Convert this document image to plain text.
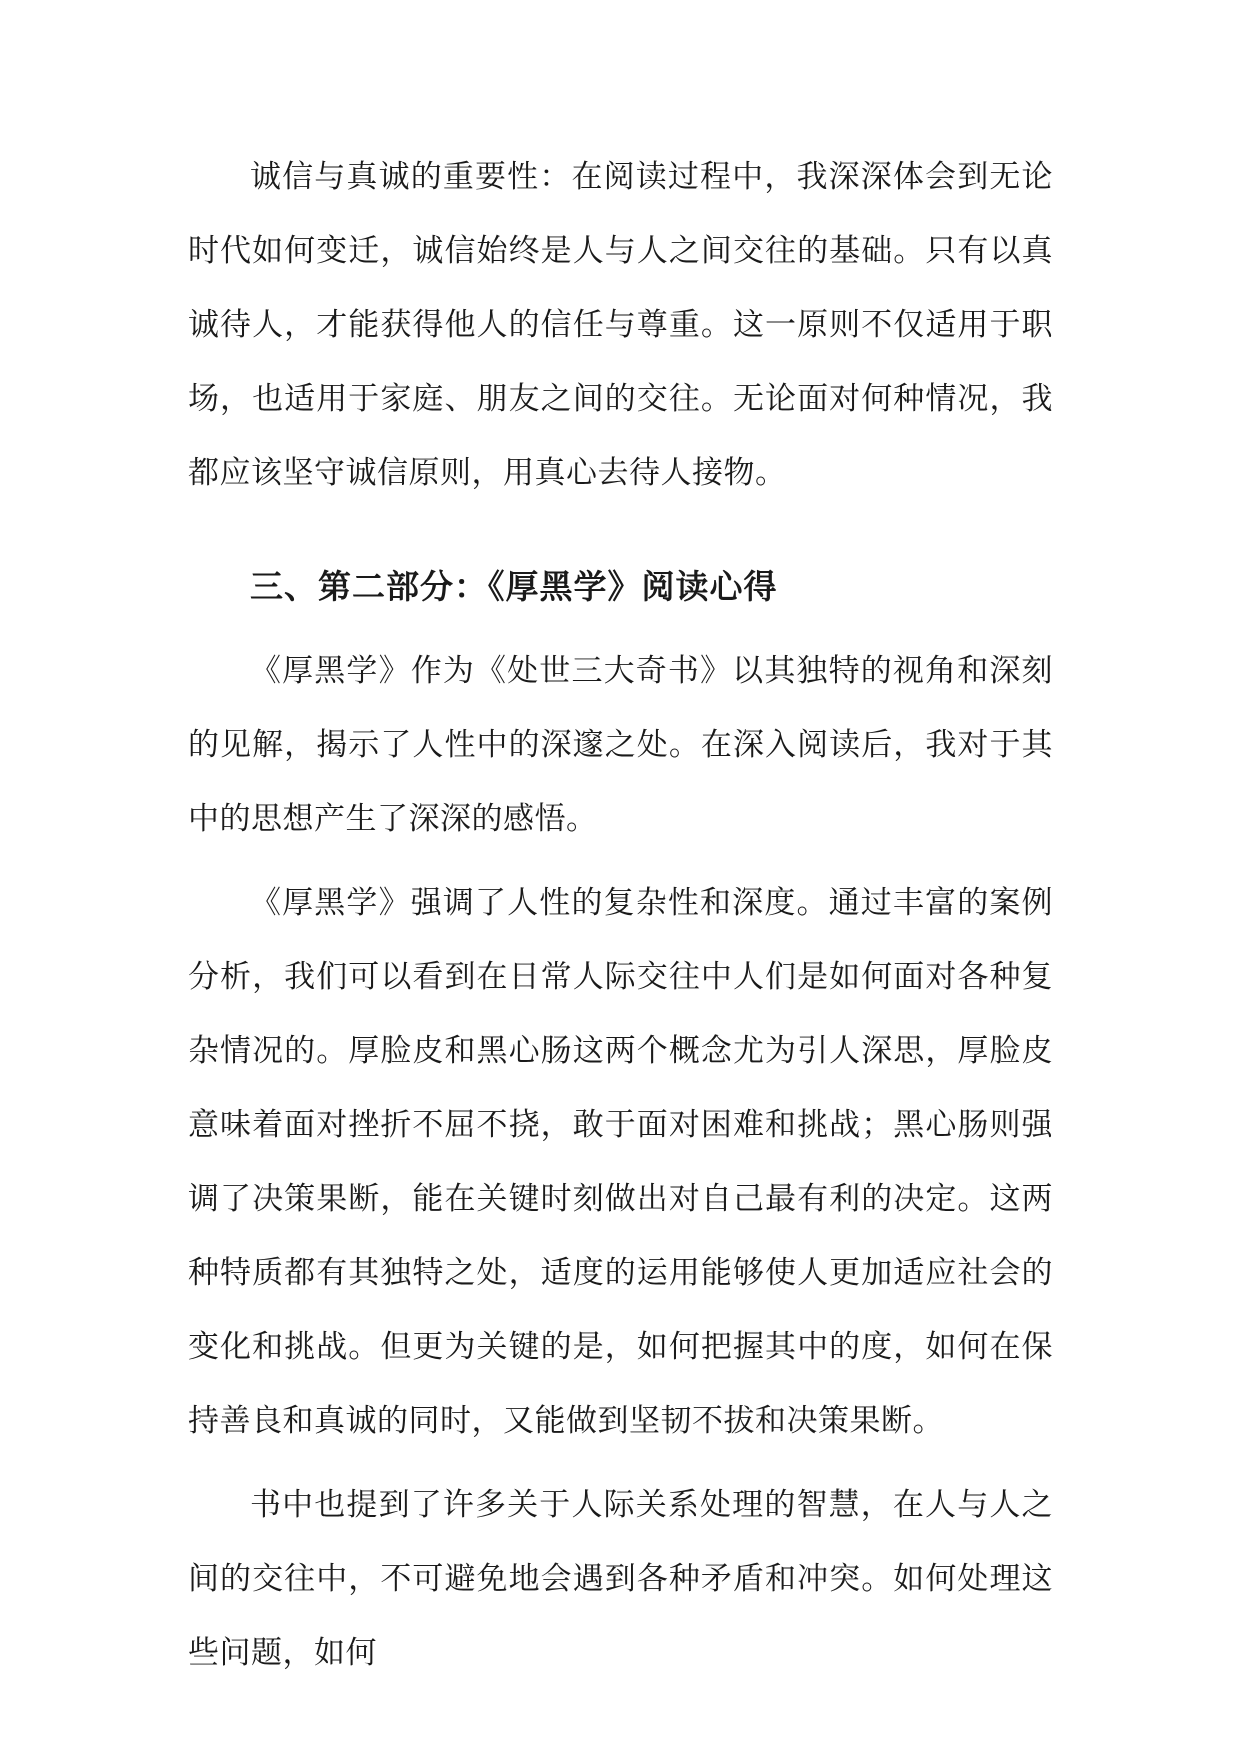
诚信与真诚的重要性：在阅读过程中，我深深体会到无论时代如何变迁，诚信始终是人与人之间交往的基础。只有以真诚待人，才能获得他人的信任与尊重。这一原则不仅适用于职场，也适用于家庭、朋友之间的交往。无论面对何种情况，我都应该坚守诚信原则，用真心去待人接物。

三、第二部分：《厚黑学》阅读心得

《厚黑学》作为《处世三大奇书》以其独特的视角和深刻的见解，揭示了人性中的深邃之处。在深入阅读后，我对于其中的思想产生了深深的感悟。

《厚黑学》强调了人性的复杂性和深度。通过丰富的案例分析，我们可以看到在日常人际交往中人们是如何面对各种复杂情况的。厚脸皮和黑心肠这两个概念尤为引人深思，厚脸皮意味着面对挫折不屈不挠，敢于面对困难和挑战；黑心肠则强调了决策果断，能在关键时刻做出对自己最有利的决定。这两种特质都有其独特之处，适度的运用能够使人更加适应社会的变化和挑战。但更为关键的是，如何把握其中的度，如何在保持善良和真诚的同时，又能做到坚韧不拔和决策果断。

书中也提到了许多关于人际关系处理的智慧，在人与人之间的交往中，不可避免地会遇到各种矛盾和冲突。如何处理这些问题，如何
